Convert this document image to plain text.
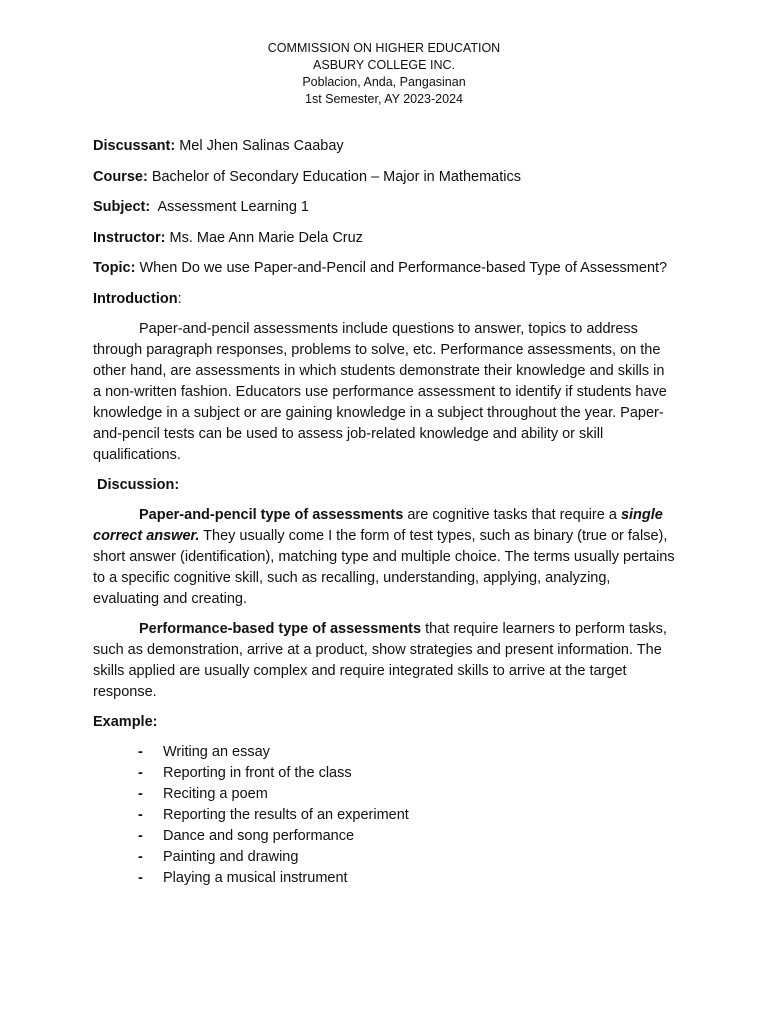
COMMISSION ON HIGHER EDUCATION
ASBURY COLLEGE INC.
Poblacion, Anda, Pangasinan
1st Semester, AY 2023-2024

Discussant: Mel Jhen Salinas Caabay

Course: Bachelor of Secondary Education – Major in Mathematics

Subject:  Assessment Learning 1

Instructor: Ms. Mae Ann Marie Dela Cruz

Topic: When Do we use Paper-and-Pencil and Performance-based Type of Assessment?

Introduction:

Paper-and-pencil assessments include questions to answer, topics to address through paragraph responses, problems to solve, etc. Performance assessments, on the other hand, are assessments in which students demonstrate their knowledge and skills in a non-written fashion. Educators use performance assessment to identify if students have knowledge in a subject or are gaining knowledge in a subject throughout the year. Paper-and-pencil tests can be used to assess job-related knowledge and ability or skill qualifications.

Discussion:

Paper-and-pencil type of assessments are cognitive tasks that require a single correct answer. They usually come I the form of test types, such as binary (true or false), short answer (identification), matching type and multiple choice. The terms usually pertains to a specific cognitive skill, such as recalling, understanding, applying, analyzing, evaluating and creating.

Performance-based type of assessments that require learners to perform tasks, such as demonstration, arrive at a product, show strategies and present information. The skills applied are usually complex and require integrated skills to arrive at the target response.

Example:

- Writing an essay
- Reporting in front of the class
- Reciting a poem
- Reporting the results of an experiment
- Dance and song performance
- Painting and drawing
- Playing a musical instrument
